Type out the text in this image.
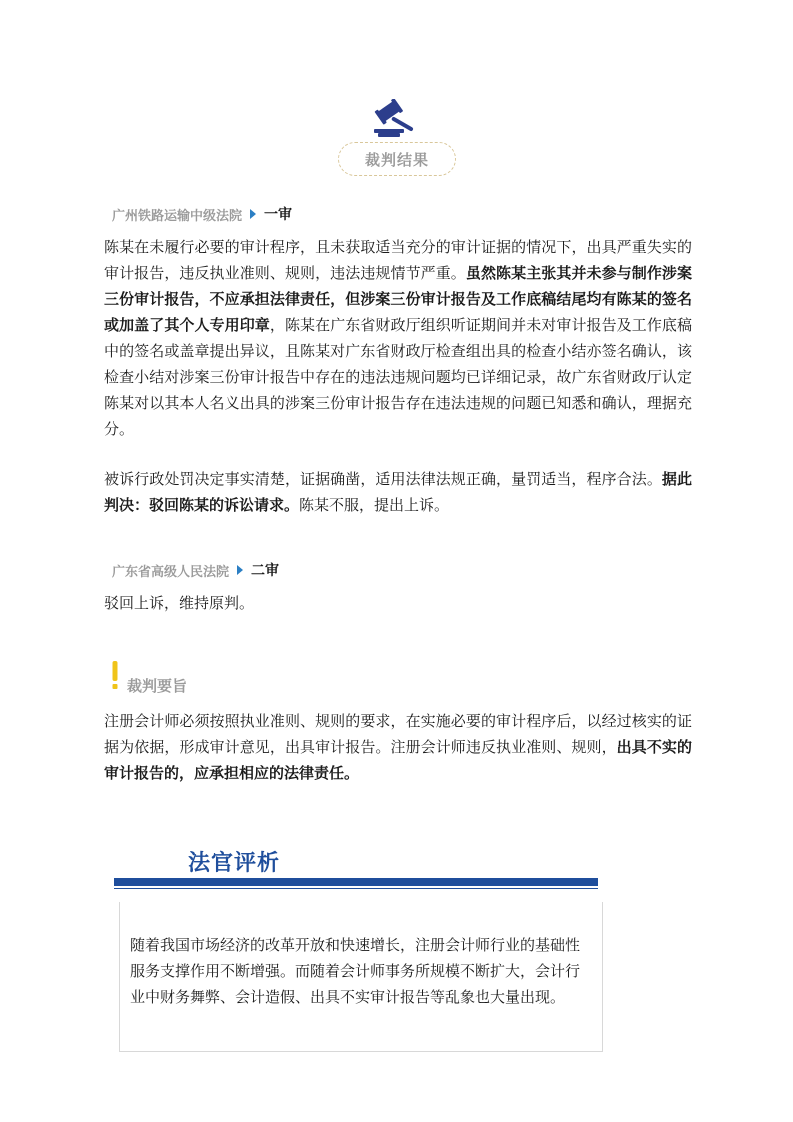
裁判结果
广州铁路运输中级法院 一审

陈某在未履行必要的审计程序，且未获取适当充分的审计证据的情况下，出具严重失实的审计报告，违反执业准则、规则，违法违规情节严重。虽然陈某主张其并未参与制作涉案三份审计报告，不应承担法律责任，但涉案三份审计报告及工作底稿结尾均有陈某的签名或加盖了其个人专用印章，陈某在广东省财政厅组织听证期间并未对审计报告及工作底稿中的签名或盖章提出异议，且陈某对广东省财政厅检查组出具的检查小结亦签名确认，该检查小结对涉案三份审计报告中存在的违法违规问题均已详细记录，故广东省财政厅认定陈某对以其本人名义出具的涉案三份审计报告存在违法违规的问题已知悉和确认，理据充分。

被诉行政处罚决定事实清楚，证据确凿，适用法律法规正确，量罚适当，程序合法。据此判决：驳回陈某的诉讼请求。陈某不服，提出上诉。

广东省高级人民法院 二审

驳回上诉，维持原判。

裁判要旨

注册会计师必须按照执业准则、规则的要求，在实施必要的审计程序后，以经过核实的证据为依据，形成审计意见，出具审计报告。注册会计师违反执业准则、规则，出具不实的审计报告的，应承担相应的法律责任。

法官评析

随着我国市场经济的改革开放和快速增长，注册会计师行业的基础性服务支撑作用不断增强。而随着会计师事务所规模不断扩大，会计行业中财务舞弊、会计造假、出具不实审计报告等乱象也大量出现。
